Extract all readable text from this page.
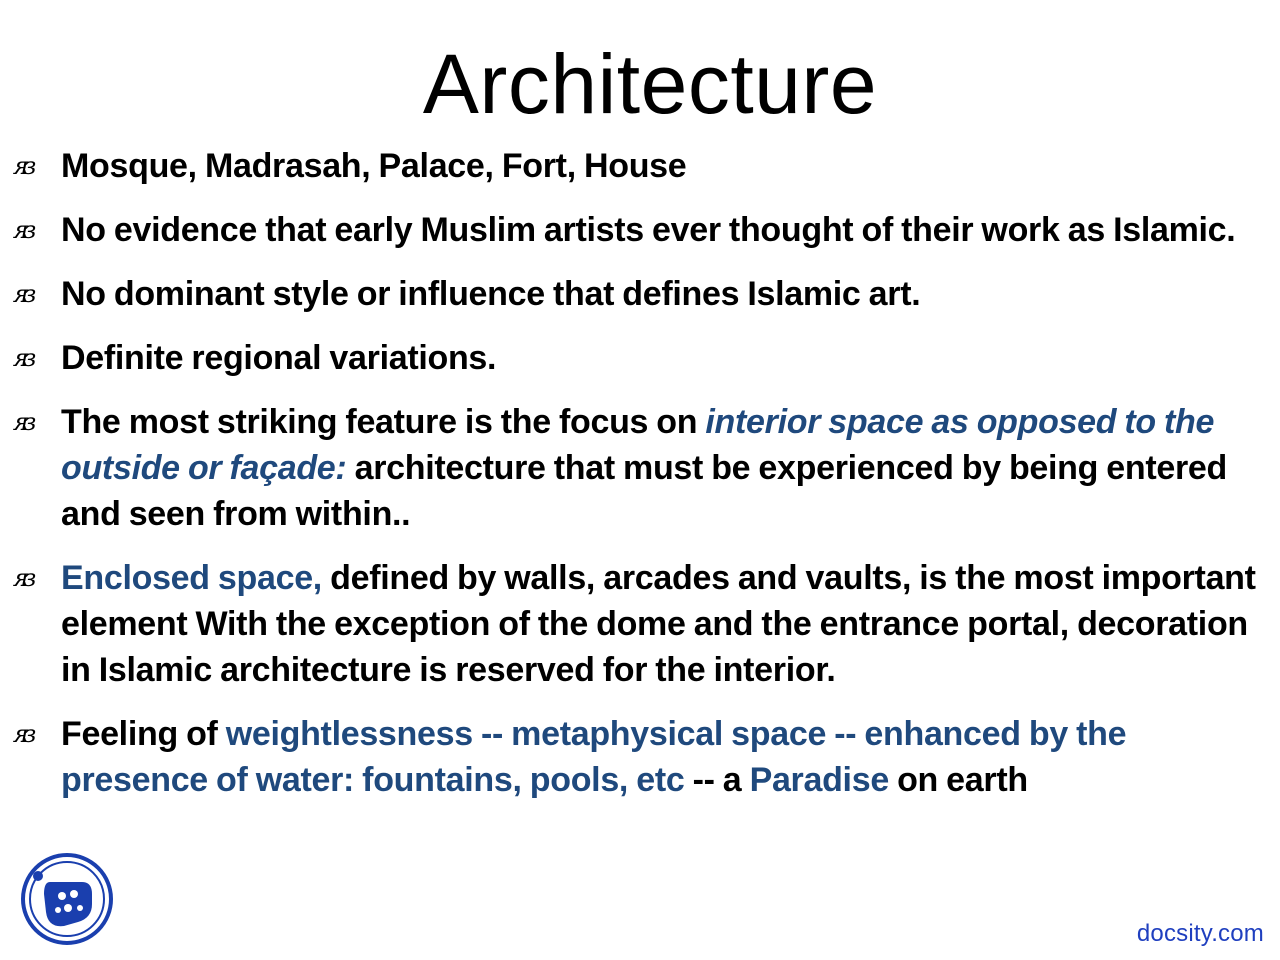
Architecture
ᴙз Mosque, Madrasah, Palace, Fort, House
ᴙз No evidence that early Muslim artists ever thought of their work as Islamic.
ᴙз No dominant style or influence that defines Islamic art.
ᴙз Definite regional variations.
ᴙз The most striking feature is the focus on interior space as opposed to the outside or façade: architecture that must be experienced by being entered and seen from within..
ᴙз Enclosed space, defined by walls, arcades and vaults, is the most important element With the exception of the dome and the entrance portal, decoration in Islamic architecture is reserved for the interior.
ᴙз Feeling of weightlessness -- metaphysical space -- enhanced by the presence of water: fountains, pools, etc -- a Paradise on earth
docsity.com
